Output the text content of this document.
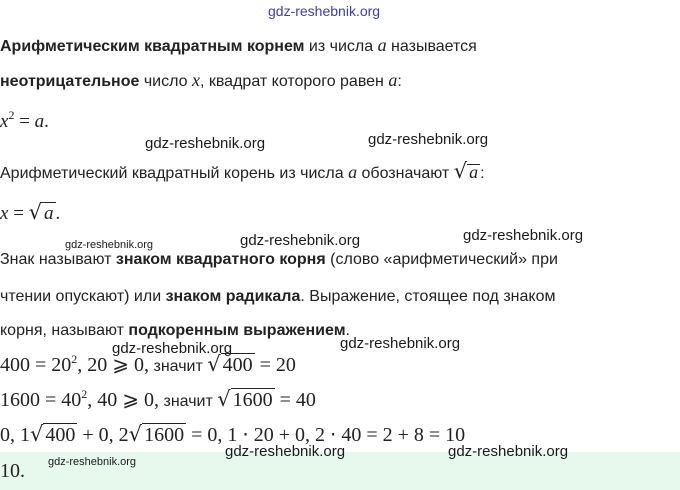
gdz-reshebnik.org
Арифметическим квадратным корнем из числа a называется
неотрицательное число x, квадрат которого равен a:
$x^2 = a$.
Арифметический квадратный корень из числа a обозначают √ a :
x = √ a .
Знак называют знаком квадратного корня (слово «арифметический» при
чтении опускают) или знаком радикала. Выражение, стоящее под знаком
корня, называют подкоренным выражением.
$400 = 20^2$, 20 ⩾ 0, значит √ 400 = 20
$1600 = 40^2$, 40 ⩾ 0, значит √ 1600 = 40
0, 1√ 400 + 0, 2√ 1600 = 0, 1 ⋅ 20 + 0, 2 ⋅ 40 = 2 + 8 = 10
10.
gdz-reshebnik.org	gdz-reshebnik.org
gdz-reshebnik.org	gdz-reshebnik.org	gdz-reshebnik.org
gdz-reshebnik.org	gdz-reshebnik.org
gdz-reshebnik.org
gdz-reshebnik.org	gdz-reshebnik.org
